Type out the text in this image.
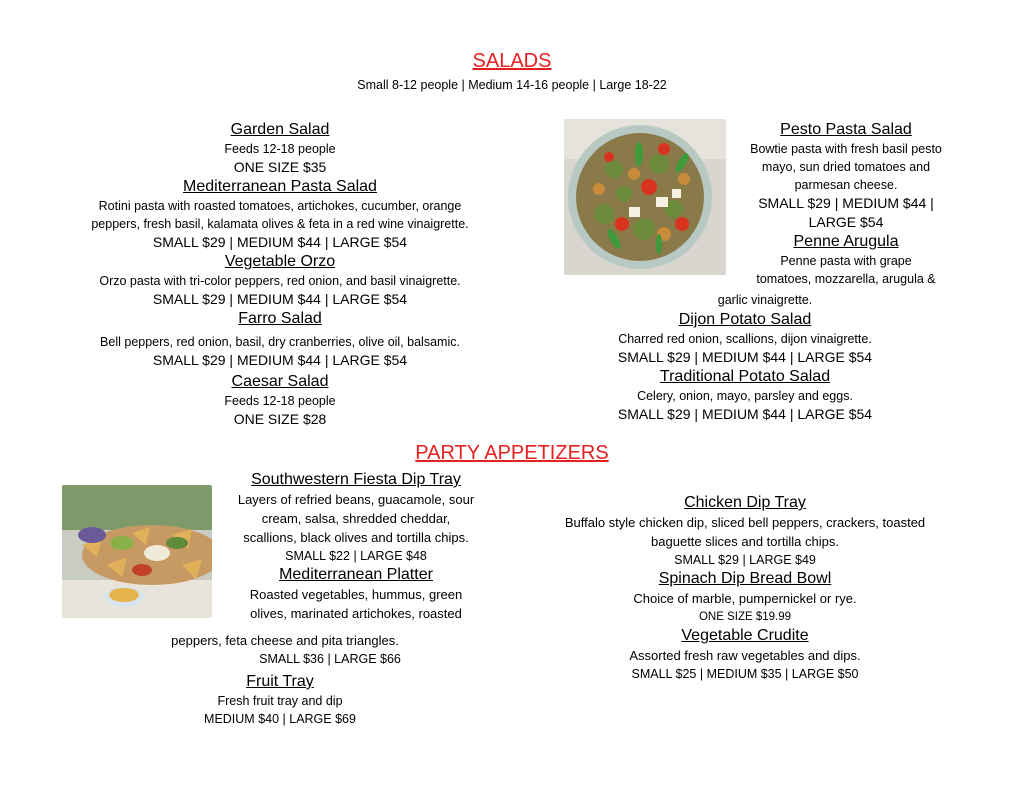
SALADS
Small 8-12 people | Medium 14-16 people | Large 18-22

Garden Salad

Feeds 12-18 people

ONE SIZE $35

Mediterranean Pasta Salad

Rotini pasta with roasted tomatoes, artichokes, cucumber, orange

peppers, fresh basil, kalamata olives & feta in a red wine vinaigrette.

SMALL $29 | MEDIUM $44 | LARGE $54

Vegetable Orzo

Orzo pasta with tri-color peppers, red onion, and basil vinaigrette.

SMALL $29 | MEDIUM $44 | LARGE $54

Farro Salad

Bell peppers, red onion, basil, dry cranberries, olive oil, balsamic.

SMALL $29 | MEDIUM $44 | LARGE $54

Caesar Salad

Feeds 12-18 people

ONE SIZE $28

Pesto Pasta Salad

Bowtie pasta with fresh basil pesto

mayo, sun dried tomatoes and

parmesan cheese.

SMALL $29 | MEDIUM $44 |

LARGE $54

Penne Arugula

Penne pasta with grape

tomatoes, mozzarella, arugula &

garlic vinaigrette.

Dijon Potato Salad

Charred red onion, scallions, dijon vinaigrette.

SMALL $29 | MEDIUM $44 | LARGE $54

Traditional Potato Salad

Celery, onion, mayo, parsley and eggs.

SMALL $29 | MEDIUM $44 | LARGE $54

PARTY APPETIZERS

Southwestern Fiesta Dip Tray

Layers of refried beans, guacamole, sour

cream, salsa, shredded cheddar,

scallions, black olives and tortilla chips.

SMALL $22 | LARGE $48

Mediterranean Platter

Roasted vegetables, hummus, green

olives, marinated artichokes, roasted

peppers, feta cheese and pita triangles.

SMALL $36 | LARGE $66

Fruit Tray

Fresh fruit tray and dip

MEDIUM $40 | LARGE $69

Chicken Dip Tray

Buffalo style chicken dip, sliced bell peppers, crackers, toasted

baguette slices and tortilla chips.

SMALL $29 | LARGE $49

Spinach Dip Bread Bowl

Choice of marble, pumpernickel or rye.

ONE SIZE $19.99

Vegetable Crudite

Assorted fresh raw vegetables and dips.

SMALL $25 | MEDIUM $35 | LARGE $50
